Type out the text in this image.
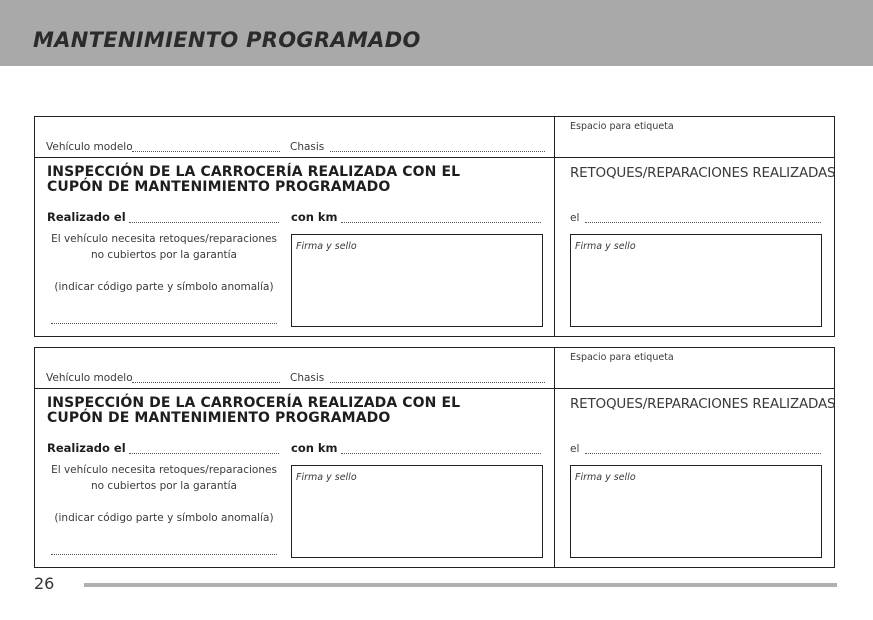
MANTENIMIENTO PROGRAMADO
Vehículo modelo	Chasis
Espacio para etiqueta
INSPECCIÓN DE LA CARROCERÍA REALIZADA CON EL
CUPÓN DE MANTENIMIENTO PROGRAMADO
Realizado el	con km
El vehículo necesita retoques/reparaciones
no cubiertos por la garantía
(indicar código parte y símbolo anomalía)
Firma y sello
RETOQUES/REPARACIONES REALIZADAS
el
Firma y sello
Vehículo modelo	Chasis
Espacio para etiqueta
INSPECCIÓN DE LA CARROCERÍA REALIZADA CON EL
CUPÓN DE MANTENIMIENTO PROGRAMADO
Realizado el	con km
El vehículo necesita retoques/reparaciones
no cubiertos por la garantía
(indicar código parte y símbolo anomalía)
Firma y sello
RETOQUES/REPARACIONES REALIZADAS
el
Firma y sello
26
